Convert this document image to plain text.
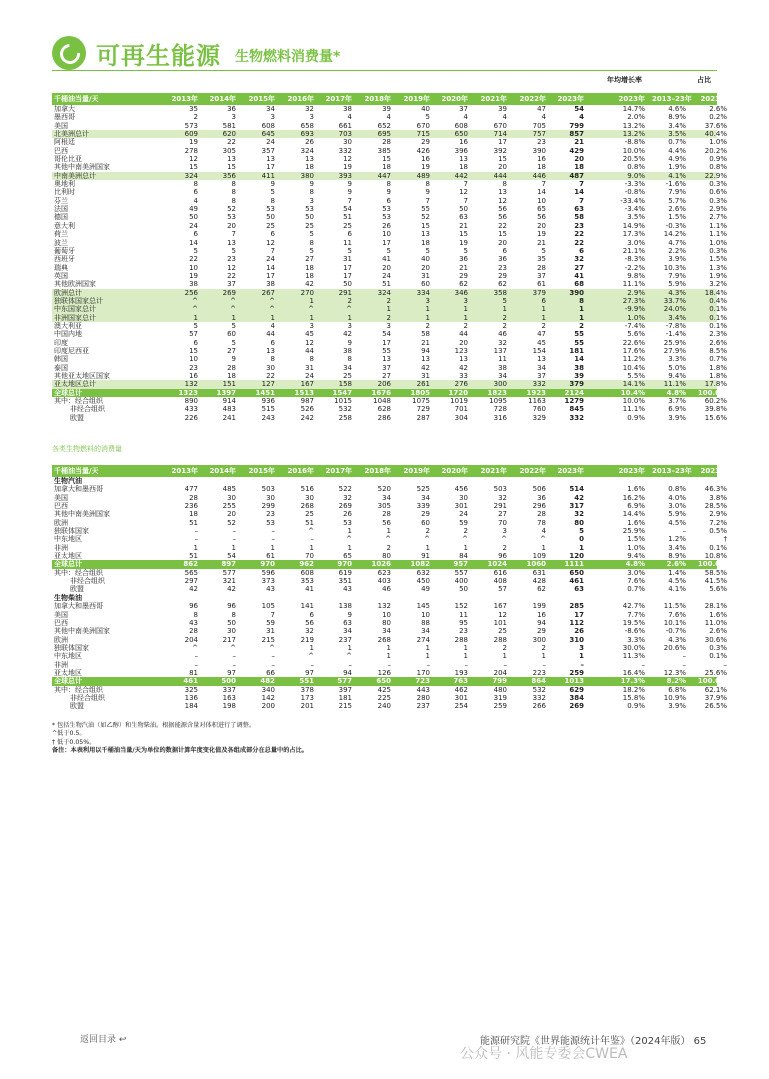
可再生能源 生物燃料消费量*
年均增长率	占比
千桶油当量/天	2013年	2014年	2015年	2016年	2017年	2018年	2019年	2020年	2021年	2022年	2023年	2023年 2013–23年	2023年
加拿大	35	36	34	32	38	39	40	37	39	47	54	14.7%	4.6%	2.6%
墨西哥	2	3	3	3	4	4	5	4	4	4	4	2.0%	8.9%	0.2%
美国	573	581	608	658	661	652	670	608	670	705	799	13.2%	3.4%	37.6%
北美洲总计	609	620	645	693	703	695	715	650	714	757	857	13.2%	3.5%	40.4%
阿根廷	19	22	24	26	30	28	29	16	17	23	21	-8.8%	0.7%	1.0%
巴西	278	305	357	324	332	385	426	396	392	390	429	10.0%	4.4%	20.2%
哥伦比亚	12	13	13	13	12	15	16	13	15	16	20	20.5%	4.9%	0.9%
其他中南美洲国家	15	15	17	18	19	18	19	18	20	18	18	0.8%	1.9%	0.8%
中南美洲总计	324	356	411	380	393	447	489	442	444	446	487	9.0%	4.1%	22.9%
奥地利	8	8	9	9	9	8	8	7	8	7	7	-3.3%	-1.6%	0.3%
比利时	6	8	5	8	9	9	9	12	13	14	14	-0.8%	7.9%	0.6%
芬兰	4	8	8	3	7	6	7	7	12	10	7	-33.4%	5.7%	0.3%
法国	49	52	53	53	54	53	55	50	56	65	63	-3.4%	2.6%	2.9%
德国	50	53	50	50	51	53	52	63	56	56	58	3.5%	1.5%	2.7%
意大利	24	20	25	25	25	26	15	21	22	20	23	14.9%	-0.3%	1.1%
荷兰	6	7	6	5	6	10	13	15	15	19	22	17.3%	14.2%	1.1%
波兰	14	13	12	8	11	17	18	19	20	21	22	3.0%	4.7%	1.0%
葡萄牙	5	5	7	5	5	5	5	5	6	5	6	21.1%	2.2%	0.3%
西班牙	22	23	24	27	31	41	40	36	36	35	32	-8.3%	3.9%	1.5%
瑞典	10	12	14	18	17	20	20	21	23	28	27	-2.2%	10.3%	1.3%
英国	19	22	17	18	17	24	31	29	29	37	41	9.8%	7.9%	1.9%
其他欧洲国家	38	37	38	42	50	51	60	62	62	61	68	11.1%	5.9%	3.2%
欧洲总计	256	269	267	270	291	324	334	346	358	379	390	2.9%	4.3%	18.4%
独联体国家总计	^	^	^	1	2	2	3	3	5	6	8	27.3%	33.7%	0.4%
中东国家总计	^	^	^	^	^	1	1	1	1	1	1	-9.9%	24.0%	0.1%
非洲国家总计	1	1	1	1	1	2	1	1	2	1	1	1.0%	3.4%	0.1%
澳大利亚	5	5	4	3	3	3	2	2	2	2	2	-7.4%	-7.8%	0.1%
中国内地	57	60	44	45	42	54	58	44	46	47	55	5.6%	-1.4%	2.3%
印度	6	5	6	12	9	17	21	20	32	45	55	22.6%	25.9%	2.6%
印度尼西亚	15	27	13	44	38	55	94	123	137	154	181	17.6%	27.9%	8.5%
韩国	10	9	8	8	8	13	13	13	11	13	14	11.2%	3.3%	0.7%
泰国	23	28	30	31	34	37	42	42	38	34	38	10.4%	5.0%	1.8%
其他亚太地区国家	16	18	22	24	25	27	31	33	34	37	39	5.5%	9.4%	1.8%
亚太地区总计	132	151	127	167	158	206	261	276	300	332	379	14.1%	11.1%	17.8%
全球总计	1323	1397	1451	1513	1547	1676	1805	1720	1823	1923	2124	10.4%	4.8%	100.0%
其中：经合组织	890	914	936	987	1015	1048	1075	1019	1095	1163	1279	10.0%	3.7%	60.2%
非经合组织	433	483	515	526	532	628	729	701	728	760	845	11.1%	6.9%	39.8%
欧盟	226	241	243	242	258	286	287	304	316	329	332	0.9%	3.9%	15.6%
各类生物燃料的消费量
千桶油当量/天	2013年	2014年	2015年	2016年	2017年	2018年	2019年	2020年	2021年	2022年	2023年	2023年 2013–23年	2023年
生物汽油
加拿大和墨西哥	477	485	503	516	522	520	525	456	503	506	514	1.6%	0.8%	46.3%
美国	28	30	30	30	32	34	34	30	32	36	42	16.2%	4.0%	3.8%
巴西	236	255	299	268	269	305	339	301	291	296	317	6.9%	3.0%	28.5%
其他中南美洲国家	18	20	23	25	26	28	29	24	27	28	32	14.4%	5.9%	2.9%
欧洲	51	52	53	51	53	56	60	59	70	78	80	1.6%	4.5%	7.2%
独联体国家	–	–	–	^	1	1	2	2	3	4	5	25.9%	–	0.5%
中东地区	–	–	–	–	^	^	^	^	^	^	0	1.5%	1.2%	†
非洲	1	1	1	1	1	2	1	1	2	1	1	1.0%	3.4%	0.1%
亚太地区	51	54	61	70	65	80	91	84	96	109	120	9.4%	8.9%	10.8%
全球总计	862	897	970	962	970	1026	1082	957	1024	1060	1111	4.8%	2.6%	100.0%
其中：经合组织	565	577	596	608	619	623	632	557	616	631	650	3.0%	1.4%	58.5%
非经合组织	297	321	373	353	351	403	450	400	408	428	461	7.6%	4.5%	41.5%
欧盟	42	42	43	41	43	46	49	50	57	62	63	0.7%	4.1%	5.6%
生物柴油
加拿大和墨西哥	96	96	105	141	138	132	145	152	167	199	285	42.7%	11.5%	28.1%
美国	8	8	7	6	9	10	10	11	12	16	17	7.7%	7.6%	1.6%
巴西	43	50	59	56	63	80	88	95	101	94	112	19.5%	10.1%	11.0%
其他中南美洲国家	28	30	31	32	34	34	34	23	25	29	26	-8.6%	-0.7%	2.6%
欧洲	204	217	215	219	237	268	274	288	288	300	310	3.3%	4.3%	30.6%
独联体国家	^	^	^	1	1	1	1	1	2	2	3	30.0%	20.6%	0.3%
中东地区	–	–	–	^	^	1	1	1	1	1	1	11.3%	–	0.1%
非洲	–	–	–	–	–	–	–	–	–	–	–	–	–	–
亚太地区	81	97	66	97	94	126	170	193	204	223	259	16.4%	12.3%	25.6%
全球总计	461	500	482	551	577	650	723	763	799	864	1013	17.3%	8.2%	100.0%
其中：经合组织	325	337	340	378	397	425	443	462	480	532	629	18.2%	6.8%	62.1%
非经合组织	136	163	142	173	181	225	280	301	319	332	384	15.8%	10.9%	37.9%
欧盟	184	198	200	201	215	240	237	254	259	266	269	0.9%	3.9%	26.5%
* 包括生物汽油（如乙醇）和生物柴油。根据能源含量对体积进行了调整。
^低于0.5。
† 低于0.05%。
备注：本表利用以千桶油当量/天为单位的数据计算年度变化值及各组成部分在总量中的占比。
返回目录 ↩	能源研究院《世界能源统计年鉴》（2024年版） 65
公众号 · 风能专委会CWEA
